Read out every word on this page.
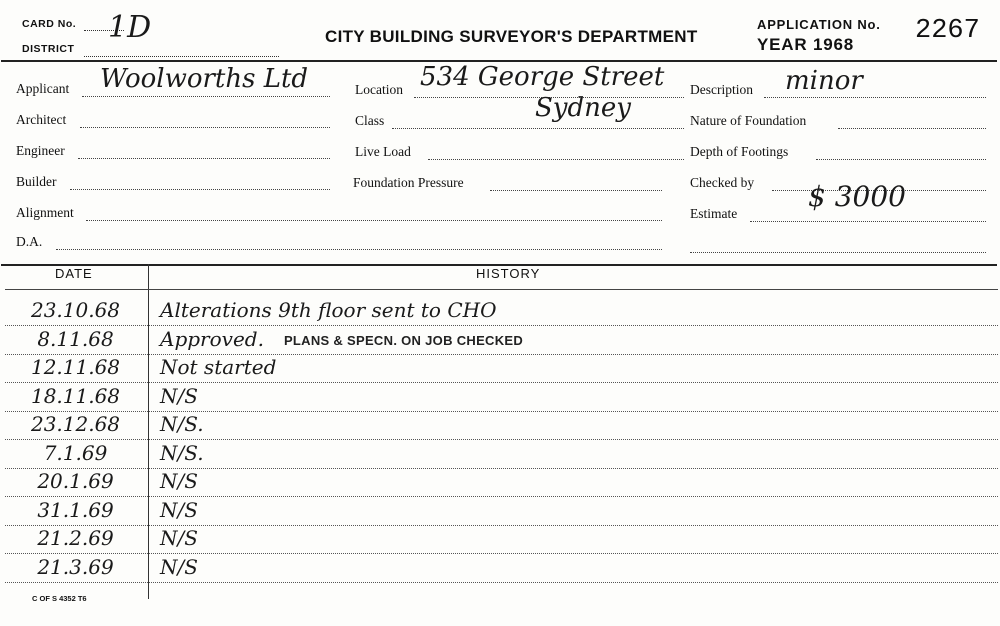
CARD No. 1D
DISTRICT
CITY BUILDING SURVEYOR'S DEPARTMENT
APPLICATION No. 2267
YEAR 1968
Applicant Woolworths Ltd
Architect
Engineer
Builder
Alignment
D.A.
Location 534 George Street
Sydney
Class
Live Load
Foundation Pressure
Description minor
Nature of Foundation
Depth of Footings
Checked by
Estimate
$ 3000
DATE	HISTORY
23.10.68	Alterations 9th floor sent to CHO
8.11.68	Approved. PLANS & SPECN. ON JOB CHECKED
12.11.68	Not started
18.11.68	N/S
23.12.68	N/S.
7.1.69	N/S.
20.1.69	N/S
31.1.69	N/S
21.2.69	N/S
21.3.69	N/S
C OF S 4352 T6
